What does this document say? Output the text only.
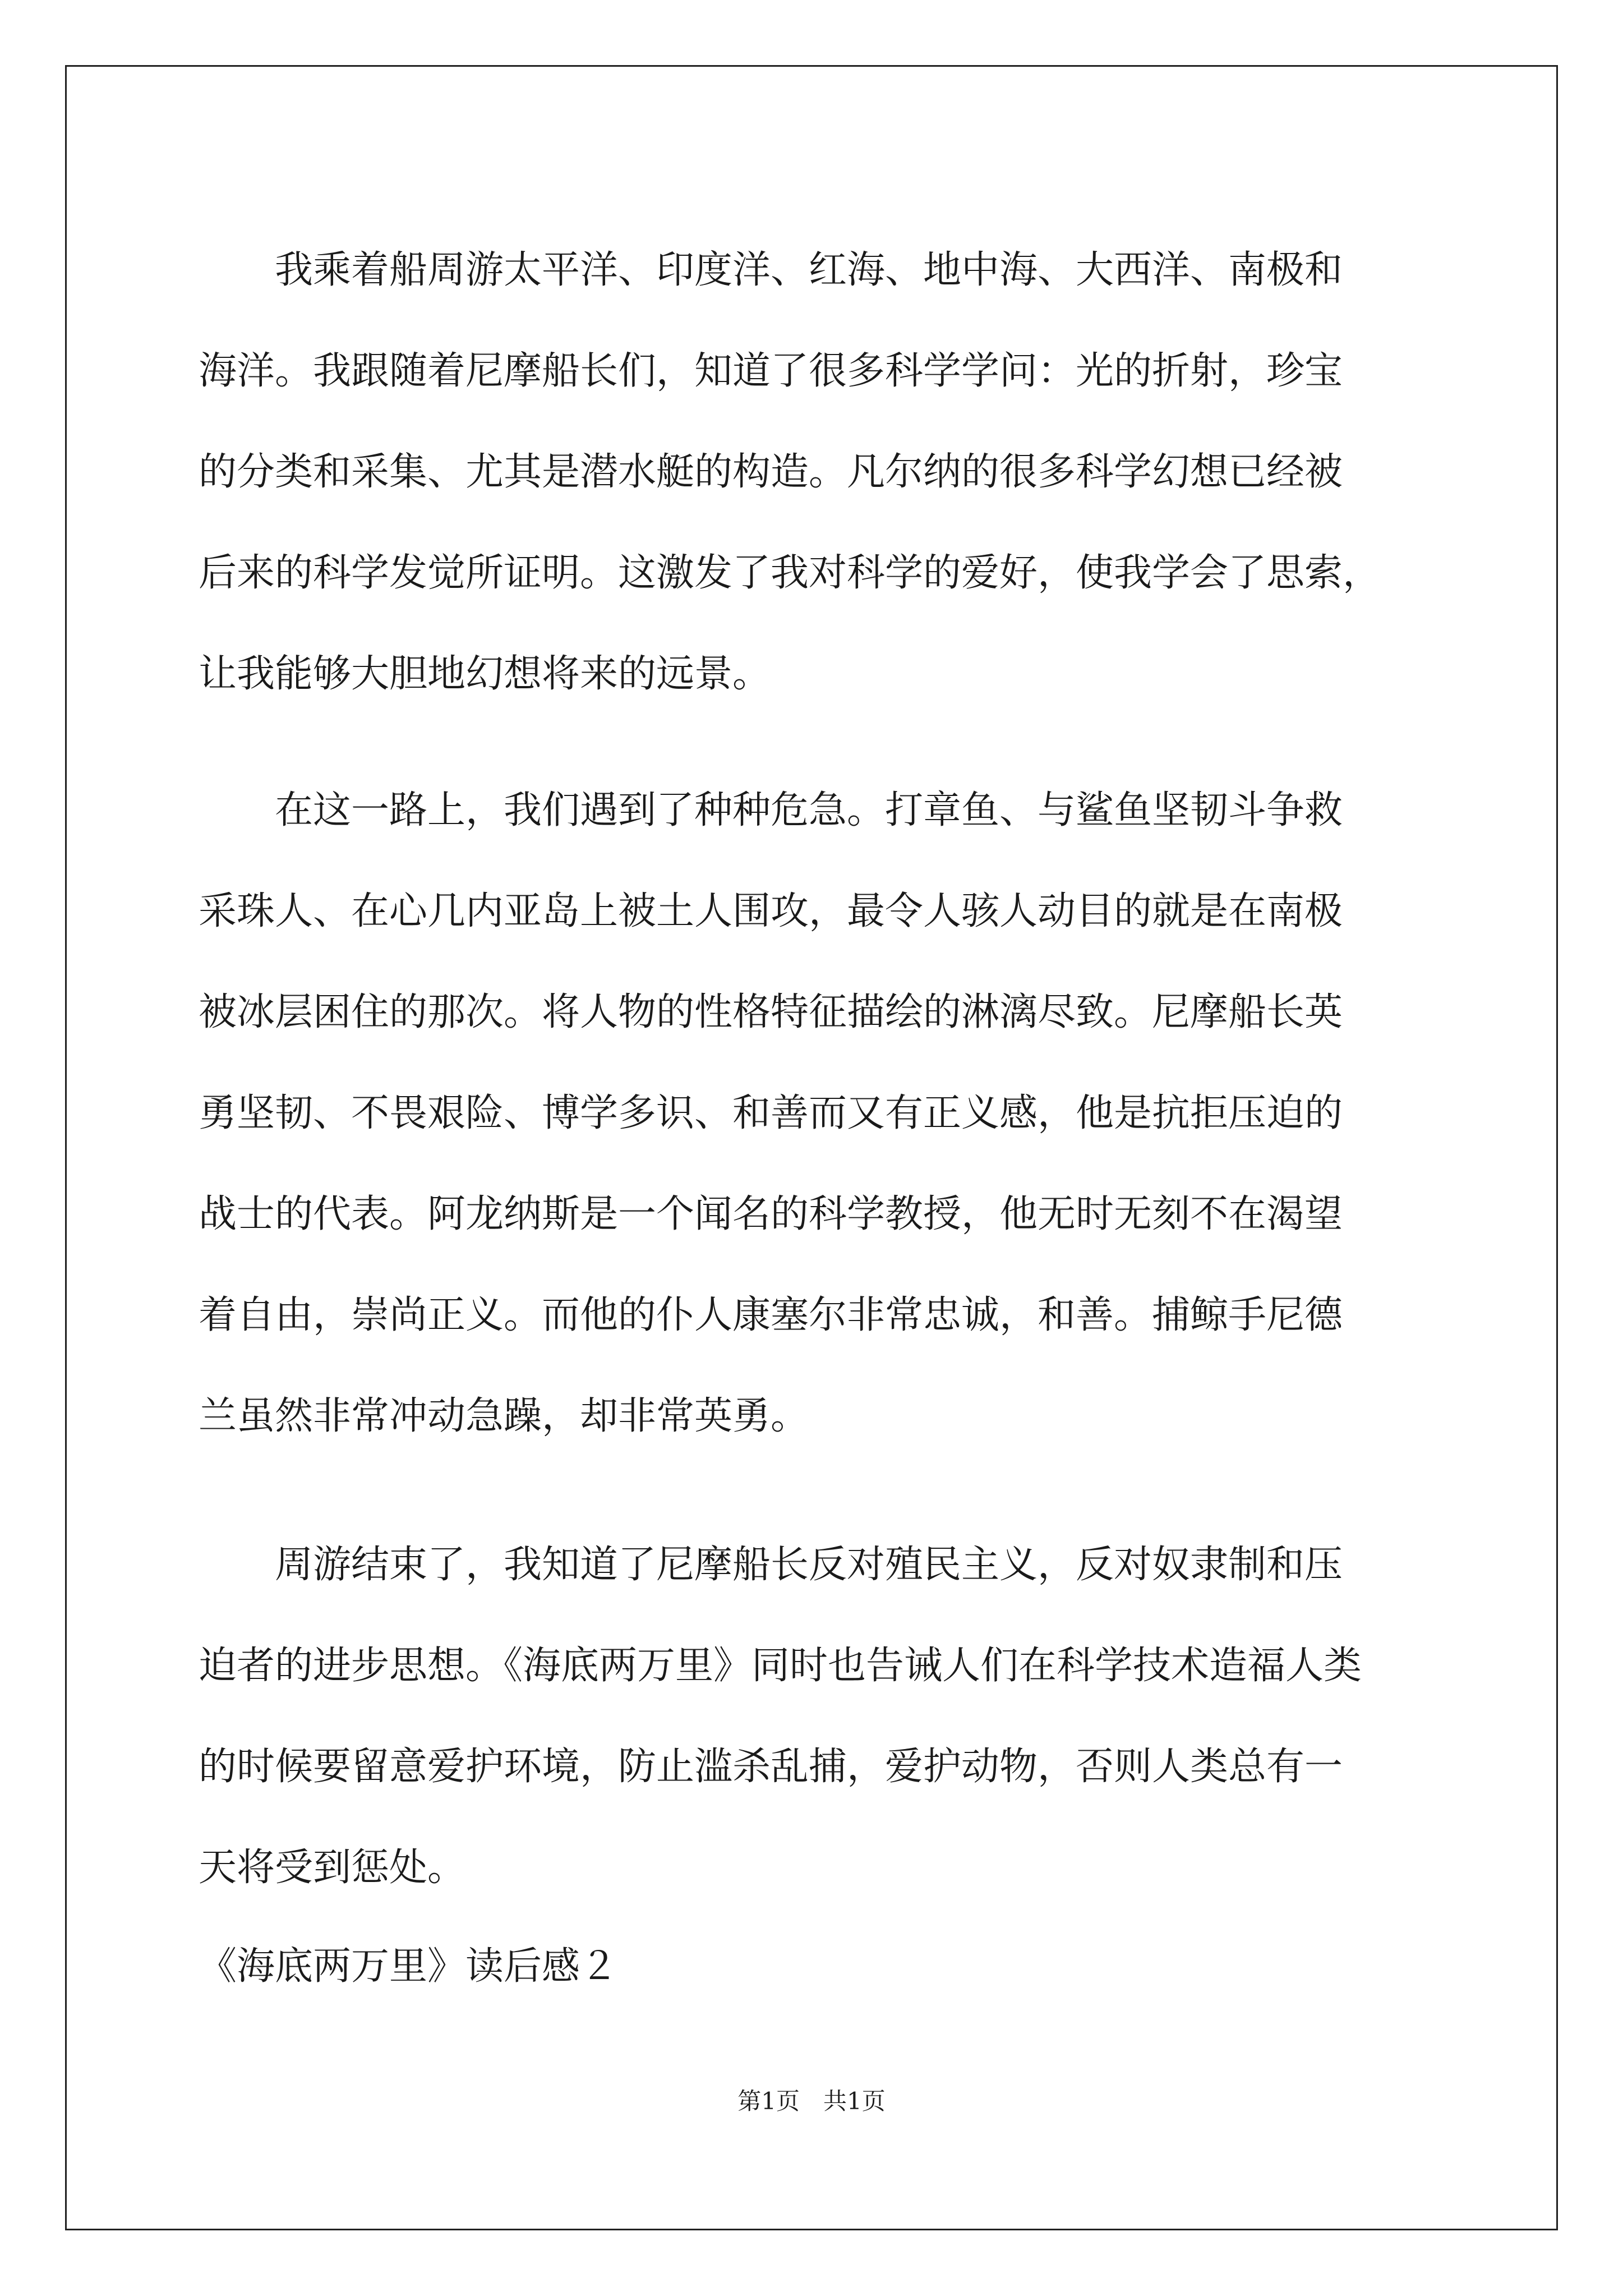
我乘着船周游太平洋、印度洋、红海、地中海、大西洋、南极和
海洋。我跟随着尼摩船长们，知道了很多科学学问：光的折射，珍宝
的分类和采集、尤其是潜水艇的构造。凡尔纳的很多科学幻想已经被
后来的科学发觉所证明。这激发了我对科学的爱好，使我学会了思索，
让我能够大胆地幻想将来的远景。
在这一路上，我们遇到了种种危急。打章鱼、与鲨鱼坚韧斗争救
采珠人、在心几内亚岛上被土人围攻，最令人骇人动目的就是在南极
被冰层困住的那次。将人物的性格特征描绘的淋漓尽致。尼摩船长英
勇坚韧、不畏艰险、博学多识、和善而又有正义感，他是抗拒压迫的
战士的代表。阿龙纳斯是一个闻名的科学教授，他无时无刻不在渴望
着自由，崇尚正义。而他的仆人康塞尔非常忠诚，和善。捕鲸手尼德
兰虽然非常冲动急躁，却非常英勇。
周游结束了，我知道了尼摩船长反对殖民主义，反对奴隶制和压
迫者的进步思想。《海底两万里》同时也告诫人们在科学技术造福人类
的时候要留意爱护环境，防止滥杀乱捕，爱护动物，否则人类总有一
天将受到惩处。
《海底两万里》读后感２
第1页　共1页
